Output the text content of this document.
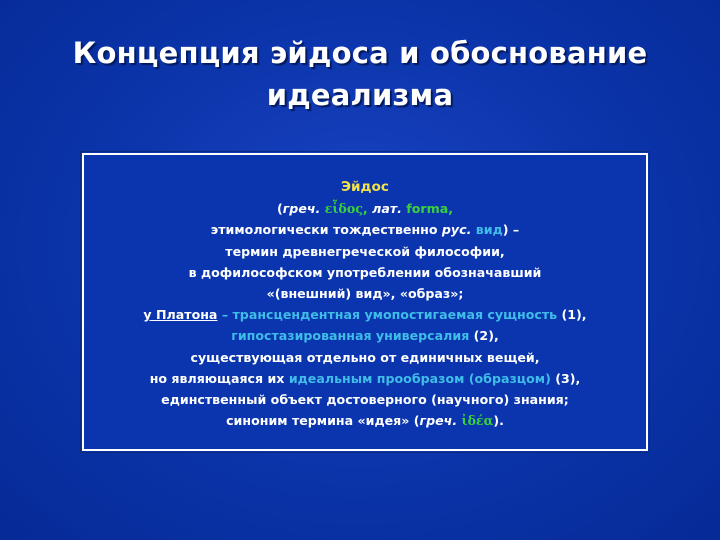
Концепция эйдоса и обоснование
идеализма
Эйдос
(греч. εἶδος, лат. forma,
этимологически тождественно рус. вид) –
термин древнегреческой философии,
в дофилософском употреблении обозначавший
«(внешний) вид», «образ»;
у Платона – трансцендентная умопостигаемая сущность (1),
гипостазированная универсалия (2),
существующая отдельно от единичных вещей,
но являющаяся их идеальным прообразом (образцом) (3),
единственный объект достоверного (научного) знания;
синоним термина «идея» (греч. ἰδέα).
